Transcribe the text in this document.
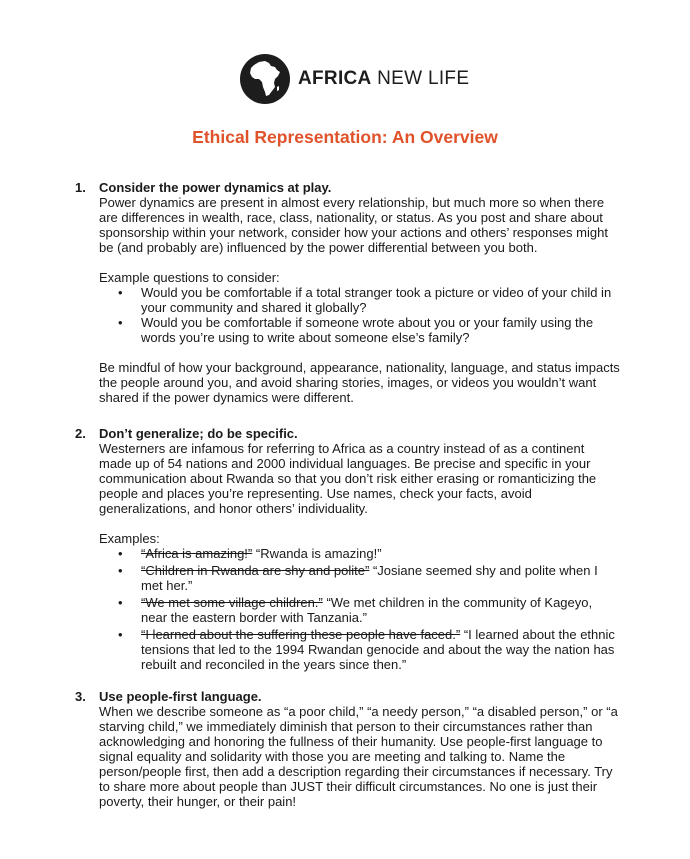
AFRICA NEW LIFE
Ethical Representation: An Overview
1. Consider the power dynamics at play.

Power dynamics are present in almost every relationship, but much more so when there are differences in wealth, race, class, nationality, or status. As you post and share about sponsorship within your network, consider how your actions and others’ responses might be (and probably are) influenced by the power differential between you both.

Example questions to consider:

• Would you be comfortable if a total stranger took a picture or video of your child in your community and shared it globally?
• Would you be comfortable if someone wrote about you or your family using the words you’re using to write about someone else’s family?

Be mindful of how your background, appearance, nationality, language, and status impacts the people around you, and avoid sharing stories, images, or videos you wouldn’t want shared if the power dynamics were different.

2. Don’t generalize; do be specific.

Westerners are infamous for referring to Africa as a country instead of as a continent made up of 54 nations and 2000 individual languages. Be precise and specific in your communication about Rwanda so that you don’t risk either erasing or romanticizing the people and places you’re representing. Use names, check your facts, avoid generalizations, and honor others’ individuality.

Examples:

• “Africa is amazing!” “Rwanda is amazing!”
• “Children in Rwanda are shy and polite” “Josiane seemed shy and polite when I met her.”
• “We met some village children.” “We met children in the community of Kageyo, near the eastern border with Tanzania.”
• “I learned about the suffering these people have faced.” “I learned about the ethnic tensions that led to the 1994 Rwandan genocide and about the way the nation has rebuilt and reconciled in the years since then.”
3. Use people-first language.

When we describe someone as “a poor child,” “a needy person,” “a disabled person,” or “a starving child,” we immediately diminish that person to their circumstances rather than acknowledging and honoring the fullness of their humanity. Use people-first language to signal equality and solidarity with those you are meeting and talking to. Name the person/people first, then add a description regarding their circumstances if necessary. Try to share more about people than JUST their difficult circumstances. No one is just their poverty, their hunger, or their pain!
